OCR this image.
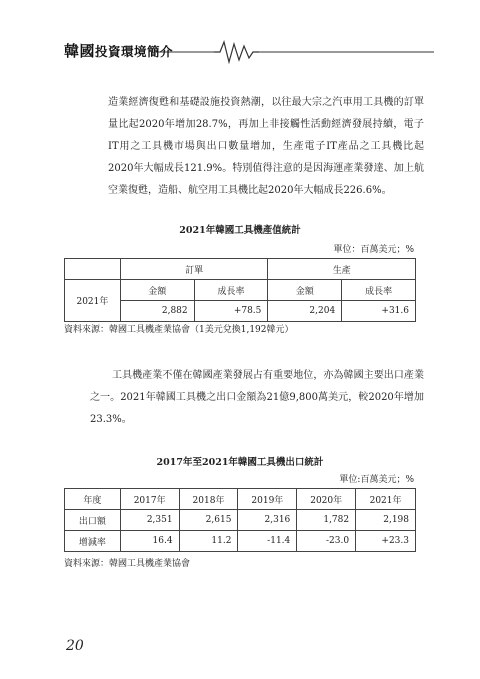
韓國投資環境簡介

造業經濟復甦和基礎設施投資熱潮，以往最大宗之汽車用工具機的訂單量比起2020年增加28.7%，再加上非接觸性活動經濟發展持續，電子IT用之工具機市場與出口數量增加，生產電子IT產品之工具機比起2020年大幅成長121.9%。特別值得注意的是因海運產業發達、加上航空業復甦，造船、航空用工具機比起2020年大幅成長226.6%。

2021年韓國工具機產值統計
單位：百萬美元；%
	訂單		生產	
2021年	金額	成長率	金額	成長率
	2,882	+78.5	2,204	+31.6
資料來源：韓國工具機產業協會（1美元兌換1,192韓元）

工具機產業不僅在韓國產業發展占有重要地位，亦為韓國主要出口產業之一。2021年韓國工具機之出口金額為21億9,800萬美元，較2020年增加23.3%。

2017年至2021年韓國工具機出口統計
單位:百萬美元；%
年度	2017年	2018年	2019年	2020年	2021年
出口額	2,351	2,615	2,316	1,782	2,198
增減率	16.4	11.2	-11.4	-23.0	+23.3
資料來源：韓國工具機產業協會
20
